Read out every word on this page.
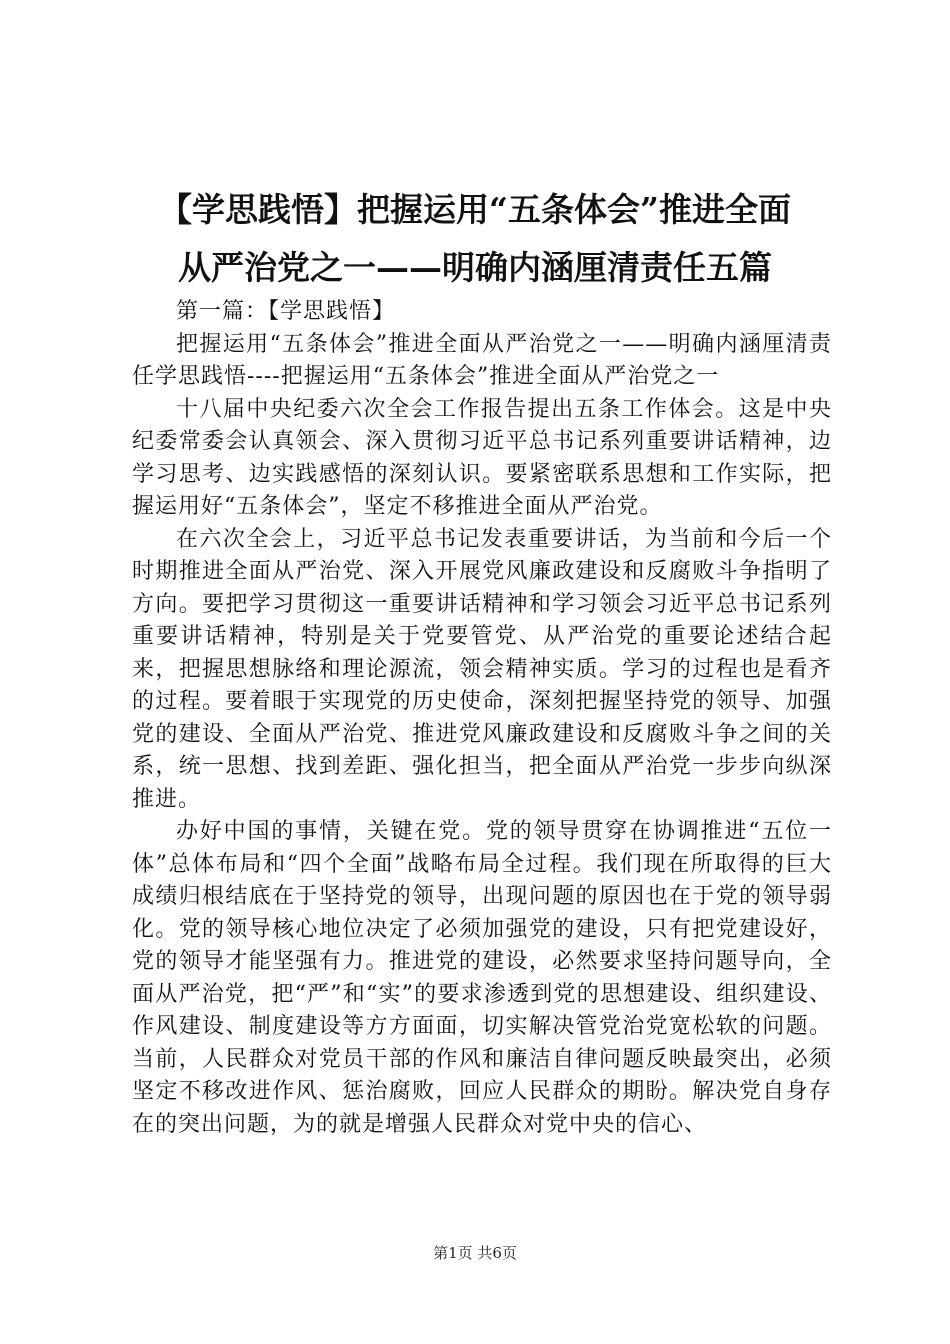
【学思践悟】把握运用“五条体会”推进全面
从严治党之一——明确内涵厘清责任五篇

第一篇：【学思践悟】

把握运用“五条体会”推进全面从严治党之一——明确内涵厘清责任学思践悟----把握运用“五条体会”推进全面从严治党之一

十八届中央纪委六次全会工作报告提出五条工作体会。这是中央纪委常委会认真领会、深入贯彻习近平总书记系列重要讲话精神，边学习思考、边实践感悟的深刻认识。要紧密联系思想和工作实际，把握运用好“五条体会”，坚定不移推进全面从严治党。

在六次全会上，习近平总书记发表重要讲话，为当前和今后一个时期推进全面从严治党、深入开展党风廉政建设和反腐败斗争指明了方向。要把学习贯彻这一重要讲话精神和学习领会习近平总书记系列重要讲话精神，特别是关于党要管党、从严治党的重要论述结合起来，把握思想脉络和理论源流，领会精神实质。学习的过程也是看齐的过程。要着眼于实现党的历史使命，深刻把握坚持党的领导、加强党的建设、全面从严治党、推进党风廉政建设和反腐败斗争之间的关系，统一思想、找到差距、强化担当，把全面从严治党一步步向纵深推进。

办好中国的事情，关键在党。党的领导贯穿在协调推进“五位一体”总体布局和“四个全面”战略布局全过程。我们现在所取得的巨大成绩归根结底在于坚持党的领导，出现问题的原因也在于党的领导弱化。党的领导核心地位决定了必须加强党的建设，只有把党建设好，党的领导才能坚强有力。推进党的建设，必然要求坚持问题导向，全面从严治党，把“严”和“实”的要求渗透到党的思想建设、组织建设、作风建设、制度建设等方方面面，切实解决管党治党宽松软的问题。当前，人民群众对党员干部的作风和廉洁自律问题反映最突出，必须坚定不移改进作风、惩治腐败，回应人民群众的期盼。解决党自身存在的突出问题，为的就是增强人民群众对党中央的信心、

第1页 共6页
